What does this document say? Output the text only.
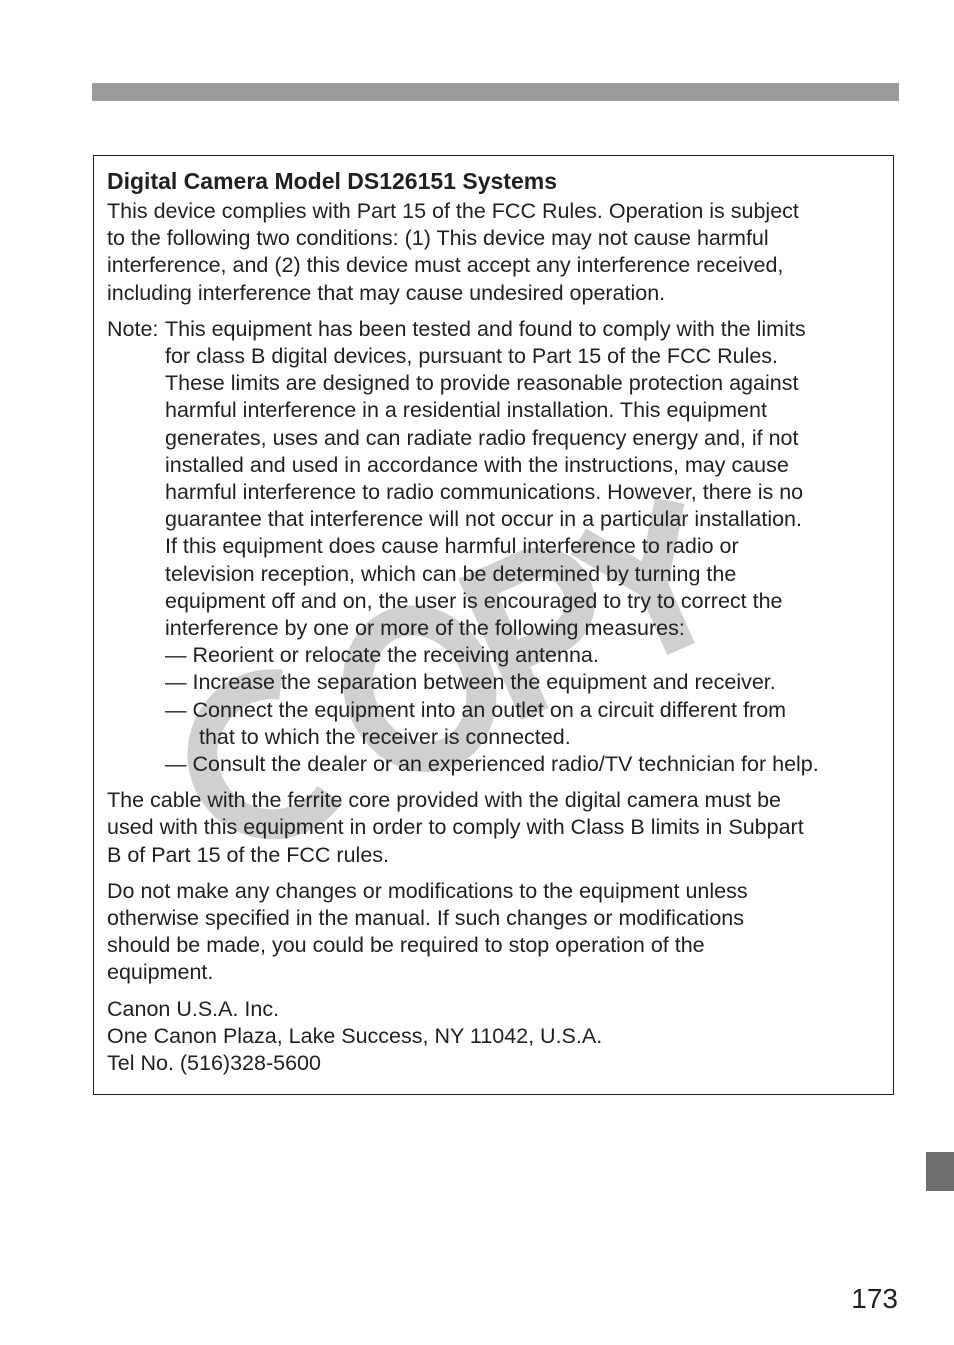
Digital Camera Model DS126151 Systems

This device complies with Part 15 of the FCC Rules. Operation is subject
to the following two conditions: (1) This device may not cause harmful
interference, and (2) this device must accept any interference received,
including interference that may cause undesired operation.

Note: This equipment has been tested and found to comply with the limits
for class B digital devices, pursuant to Part 15 of the FCC Rules.
These limits are designed to provide reasonable protection against
harmful interference in a residential installation. This equipment
generates, uses and can radiate radio frequency energy and, if not
installed and used in accordance with the instructions, may cause
harmful interference to radio communications. However, there is no
guarantee that interference will not occur in a particular installation.
If this equipment does cause harmful interference to radio or
television reception, which can be determined by turning the
equipment off and on, the user is encouraged to try to correct the
interference by one or more of the following measures:
— Reorient or relocate the receiving antenna.
— Increase the separation between the equipment and receiver.
— Connect the equipment into an outlet on a circuit different from
that to which the receiver is connected.
— Consult the dealer or an experienced radio/TV technician for help.

The cable with the ferrite core provided with the digital camera must be
used with this equipment in order to comply with Class B limits in Subpart
B of Part 15 of the FCC rules.

Do not make any changes or modifications to the equipment unless
otherwise specified in the manual. If such changes or modifications
should be made, you could be required to stop operation of the
equipment.

Canon U.S.A. Inc.
One Canon Plaza, Lake Success, NY 11042, U.S.A.
Tel No. (516)328-5600

173
